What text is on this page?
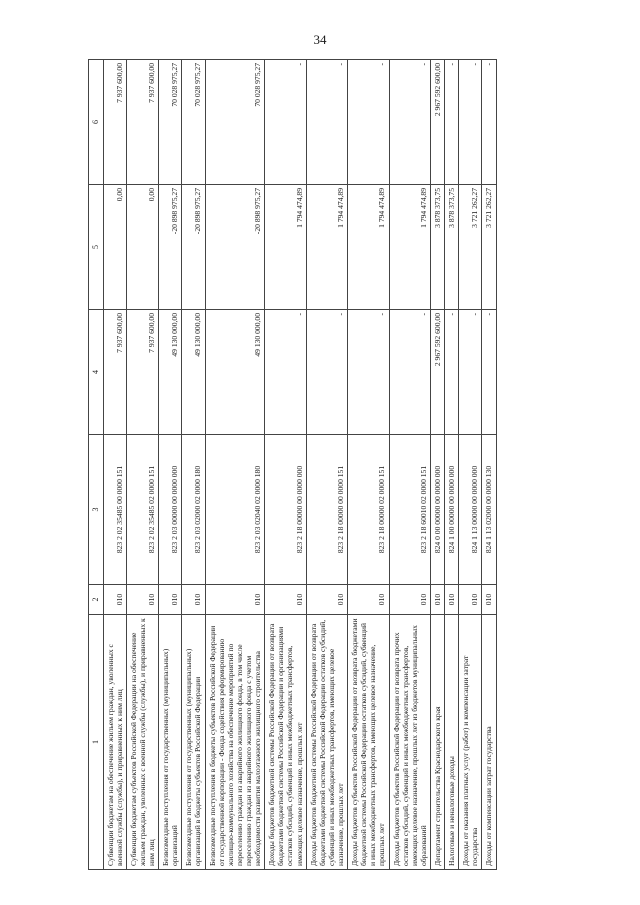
34
1	2	3	4	5	6
Субвенции бюджетам на обеспечение жильем граждан, уволенных с военной службы (службы), и приравненных к ним лиц	010	823 2 02 35485 00 0000 151	7 937 600,00	0,00	7 937 600,00
Субвенции бюджетам субъектов Российской Федерации на обеспечение жильем граждан, уволенных с военной службы (службы), и приравненных к ним лиц	010	823 2 02 35485 02 0000 151	7 937 600,00	0,00	7 937 600,00
Безвозмездные поступления от государственных (муниципальных) организаций	010	823 2 03 00000 00 0000 000	49 130 000,00	-20 898 975,27	70 028 975,27
Безвозмездные поступления от государственных (муниципальных) организаций в бюджеты субъектов Российской Федерации	010	823 2 03 02000 02 0000 180	49 130 000,00	-20 898 975,27	70 028 975,27
Безвозмездные поступления в бюджеты субъектов Российской Федерации от государственной корпорации - Фонда содействия реформированию жилищно-коммунального хозяйства на обеспечение мероприятий по переселению граждан из аварийного жилищного фонда, в том числе переселению граждан из аварийного жилищного фонда с учетом необходимости развития малоэтажного жилищного строительства	010	823 2 03 02040 02 0000 180	49 130 000,00	-20 898 975,27	70 028 975,27
Доходы бюджетов бюджетной системы Российской Федерации от возврата бюджетами бюджетной системы Российской Федерации и организациями остатков субсидий, субвенций и иных межбюджетных трансфертов, имеющих целевое назначение, прошлых лет	010	823 2 18 00000 00 0000 000	-	1 794 474,89	-
Доходы бюджетов бюджетной системы Российской Федерации от возврата бюджетами бюджетной системы Российской Федерации остатков субсидий, субвенций и иных межбюджетных трансфертов, имеющих целевое назначение, прошлых лет	010	823 2 18 00000 00 0000 151	-	1 794 474,89	-
Доходы бюджетов субъектов Российской Федерации от возврата бюджетами бюджетной системы Российской Федерации остатков субсидий, субвенций и иных межбюджетных трансфертов, имеющих целевое назначение, прошлых лет	010	823 2 18 00000 02 0000 151	-	1 794 474,89	-
Доходы бюджетов субъектов Российской Федерации от возврата прочих остатков субсидий, субвенций и иных межбюджетных трансфертов, имеющих целевое назначение, прошлых лет из бюджетов муниципальных образований	010	823 2 18 60010 02 0000 151	-	1 794 474,89	-
Департамент строительства Краснодарского края	010	824 0 00 00000 00 0000 000	2 967 592 600,00	3 878 373,75	2 967 592 600,00
Налоговые и неналоговые доходы	010	824 1 00 00000 00 0000 000	-	3 878 373,75	-
Доходы от оказания платных услуг (работ) и компенсации затрат государства	010	824 1 13 00000 00 0000 000	-	3 721 262,27	-
Доходы от компенсации затрат государства	010	824 1 13 02000 00 0000 130	-	3 721 262,27	-
